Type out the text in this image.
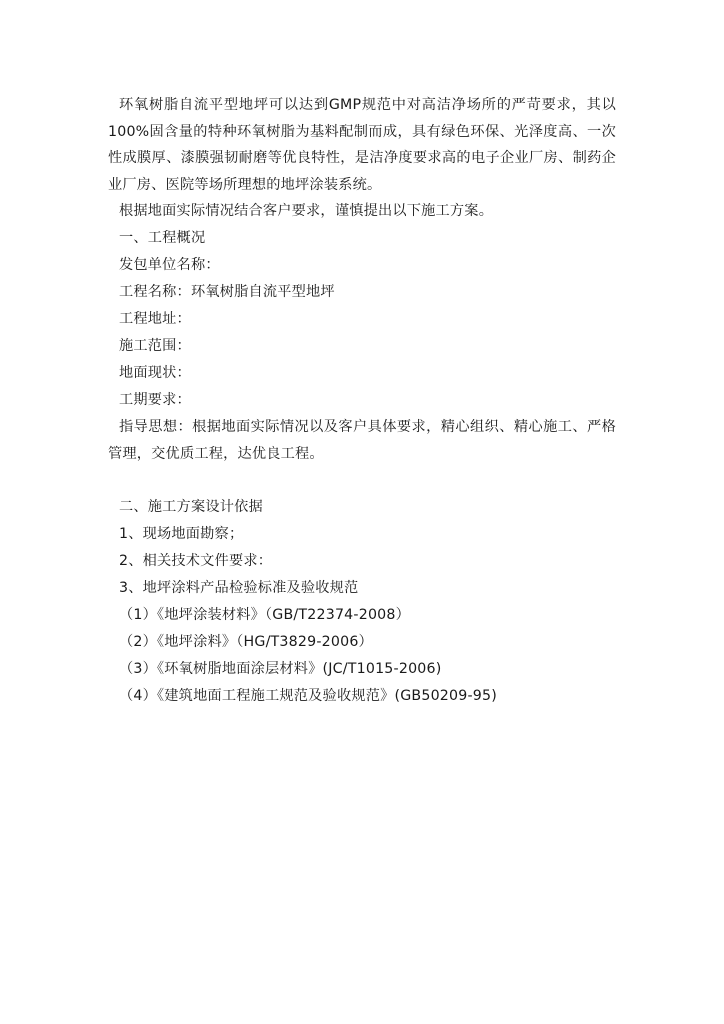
环氧树脂自流平型地坪可以达到GMP规范中对高洁净场所的严苛要求，其以100%固含量的特种环氧树脂为基料配制而成，具有绿色环保、光泽度高、一次性成膜厚、漆膜强韧耐磨等优良特性，是洁净度要求高的电子企业厂房、制药企业厂房、医院等场所理想的地坪涂装系统。

根据地面实际情况结合客户要求，谨慎提出以下施工方案。

一、工程概况

发包单位名称：

工程名称：环氧树脂自流平型地坪

工程地址：

施工范围：

地面现状：

工期要求：

指导思想：根据地面实际情况以及客户具体要求，精心组织、精心施工、严格管理，交优质工程，达优良工程。

二、施工方案设计依据

1、现场地面勘察；

2、相关技术文件要求：

3、地坪涂料产品检验标准及验收规范

（1）《地坪涂装材料》（GB/T22374-2008）

（2）《地坪涂料》（HG/T3829-2006）

（3）《环氧树脂地面涂层材料》(JC/T1015-2006)

（4）《建筑地面工程施工规范及验收规范》(GB50209-95)
